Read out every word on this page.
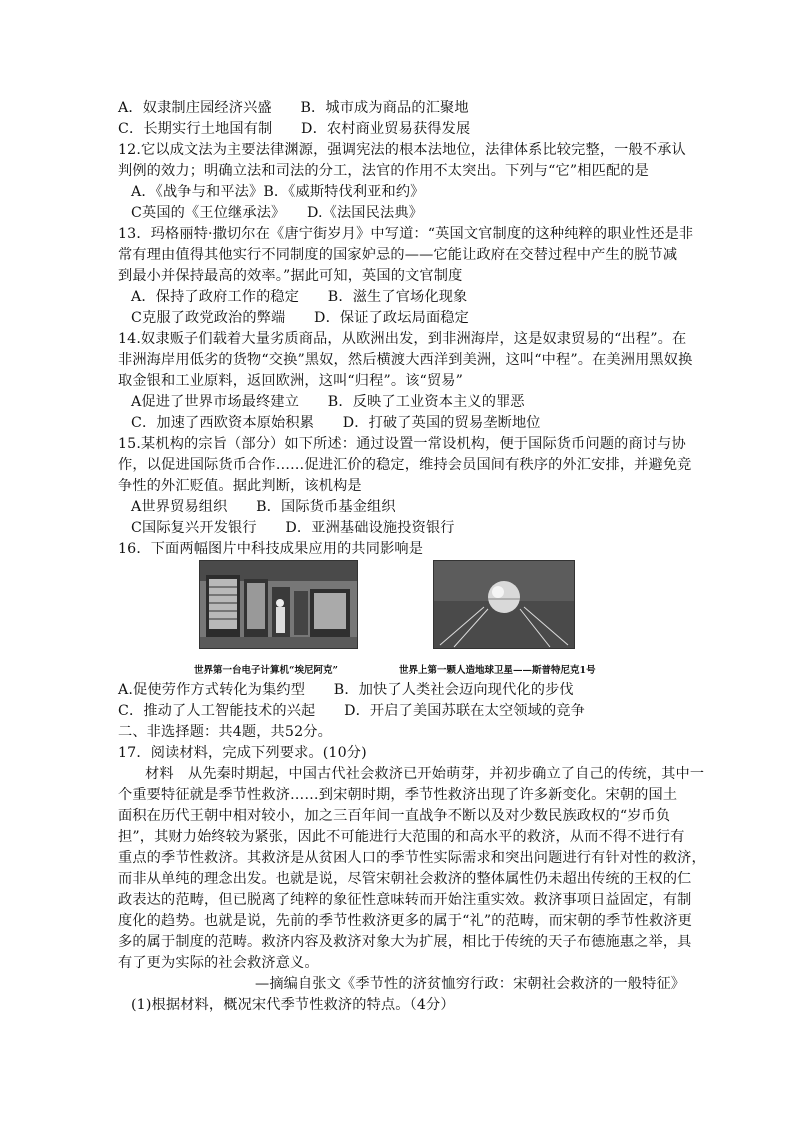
A．奴隶制庄园经济兴盛　　B．城市成为商品的汇聚地
C．长期实行土地国有制　　D．农村商业贸易获得发展
12.它以成文法为主要法律渊源，强调宪法的根本法地位，法律体系比较完整，一般不承认
判例的效力；明确立法和司法的分工，法官的作用不太突出。下列与“它”相匹配的是
A．《战争与和平法》B．《威斯特伐利亚和约》
C英国的《王位继承法》　　D.《法国民法典》
13．玛格丽特·撒切尔在《唐宁街岁月》中写道：“英国文官制度的这种纯粹的职业性还是非
常有理由值得其他实行不同制度的国家妒忌的——它能让政府在交替过程中产生的脱节减
到最小并保持最高的效率。”据此可知，英国的文官制度
A．保持了政府工作的稳定　　B．滋生了官场化现象
C克服了政党政治的弊端　　D．保证了政坛局面稳定
14.奴隶贩子们载着大量劣质商品，从欧洲出发，到非洲海岸，这是奴隶贸易的“出程”。在
非洲海岸用低劣的货物“交换”黑奴，然后横渡大西洋到美洲，这叫“中程”。在美洲用黑奴换
取金银和工业原料，返回欧洲，这叫“归程”。该“贸易”
A促进了世界市场最终建立　　B．反映了工业资本主义的罪恶
C．加速了西欧资本原始积累　　D．打破了英国的贸易垄断地位
15.某机构的宗旨（部分）如下所述：通过设置一常设机构，便于国际货币问题的商讨与协
作，以促进国际货币合作……促进汇价的稳定，维持会员国间有秩序的外汇安排，并避免竞
争性的外汇贬值。据此判断，该机构是
A世界贸易组织　　B．国际货币基金组织
C国际复兴开发银行　　D．亚洲基础设施投资银行
16．下面两幅图片中科技成果应用的共同影响是
世界第一台电子计算机“埃尼阿克”	世界上第一颗人造地球卫星——斯普特尼克1号
A.促使劳作方式转化为集约型　　B．加快了人类社会迈向现代化的步伐
C．推动了人工智能技术的兴起　　D．开启了美国苏联在太空领域的竞争
二、非选择题：共4题，共52分。
17．阅读材料，完成下列要求。(10分)
材料　从先秦时期起，中国古代社会救济已开始萌芽，并初步确立了自己的传统，其中一
个重要特征就是季节性救济……到宋朝时期，季节性救济出现了许多新变化。宋朝的国土
面积在历代王朝中相对较小，加之三百年间一直战争不断以及对少数民族政权的“岁币负
担”，其财力始终较为紧张，因此不可能进行大范围的和高水平的救济，从而不得不进行有
重点的季节性救济。其救济是从贫困人口的季节性实际需求和突出问题进行有针对性的救济，
而非从单纯的理念出发。也就是说，尽管宋朝社会救济的整体属性仍未超出传统的王权的仁
政表达的范畴，但已脱离了纯粹的象征性意味转而开始注重实效。救济事项日益固定，有制
度化的趋势。也就是说，先前的季节性救济更多的属于“礼”的范畴，而宋朝的季节性救济更
多的属于制度的范畴。救济内容及救济对象大为扩展，相比于传统的天子布德施惠之举，具
有了更为实际的社会救济意义。
—摘编自张文《季节性的济贫恤穷行政：宋朝社会救济的一般特征》
(1)根据材料，概况宋代季节性救济的特点。（4分）
